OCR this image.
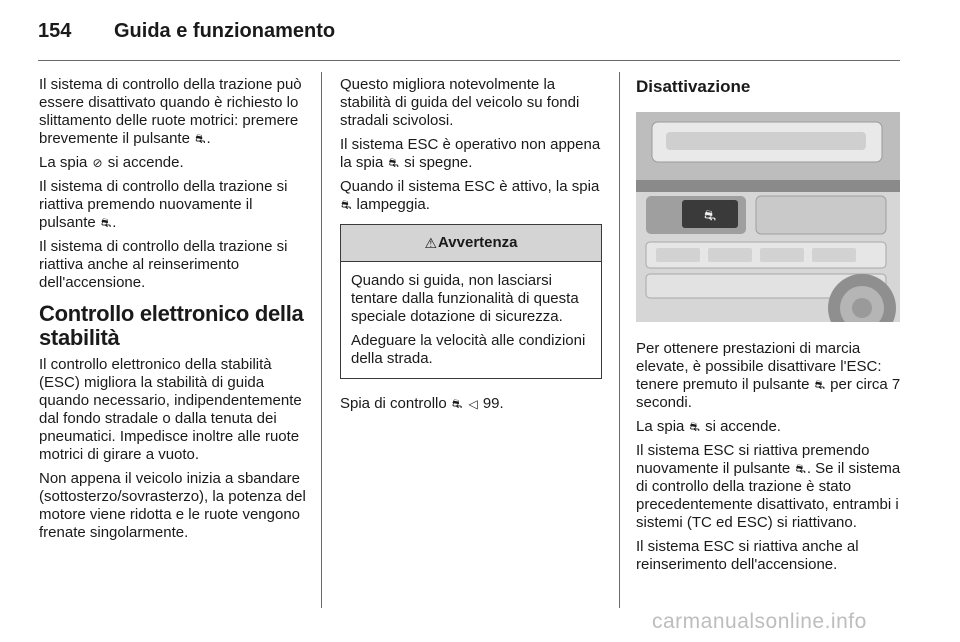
154 Guida e funzionamento

Il sistema di controllo della trazione può essere disattivato quando è richiesto lo slittamento delle ruote motrici: premere brevemente il pulsante ⛐.

La spia ⊘ si accende.

Il sistema di controllo della trazione si riattiva premendo nuovamente il pulsante ⛐.

Il sistema di controllo della trazione si riattiva anche al reinserimento dell'accensione.

Controllo elettronico della stabilità

Il controllo elettronico della stabilità (ESC) migliora la stabilità di guida quando necessario, indipendentemente dal fondo stradale o dalla tenuta dei pneumatici. Impedisce inoltre alle ruote motrici di girare a vuoto.

Non appena il veicolo inizia a sbandare (sottosterzo/sovrasterzo), la potenza del motore viene ridotta e le ruote vengono frenate singolarmente.

Questo migliora notevolmente la stabilità di guida del veicolo su fondi stradali scivolosi.

Il sistema ESC è operativo non appena la spia ⛐ si spegne.

Quando il sistema ESC è attivo, la spia ⛐ lampeggia.

⚠ Avvertenza

Quando si guida, non lasciarsi tentare dalla funzionalità di questa speciale dotazione di sicurezza.

Adeguare la velocità alle condizioni della strada.

Spia di controllo ⛐ ◁ 99.

Disattivazione
⛐

Per ottenere prestazioni di marcia elevate, è possibile disattivare l'ESC: tenere premuto il pulsante ⛐ per circa 7 secondi.

La spia ⛐ si accende.

Il sistema ESC si riattiva premendo nuovamente il pulsante ⛐. Se il sistema di controllo della trazione è stato precedentemente disattivato, entrambi i sistemi (TC ed ESC) si riattivano.

Il sistema ESC si riattiva anche al reinserimento dell'accensione.

carmanualsonline.info
